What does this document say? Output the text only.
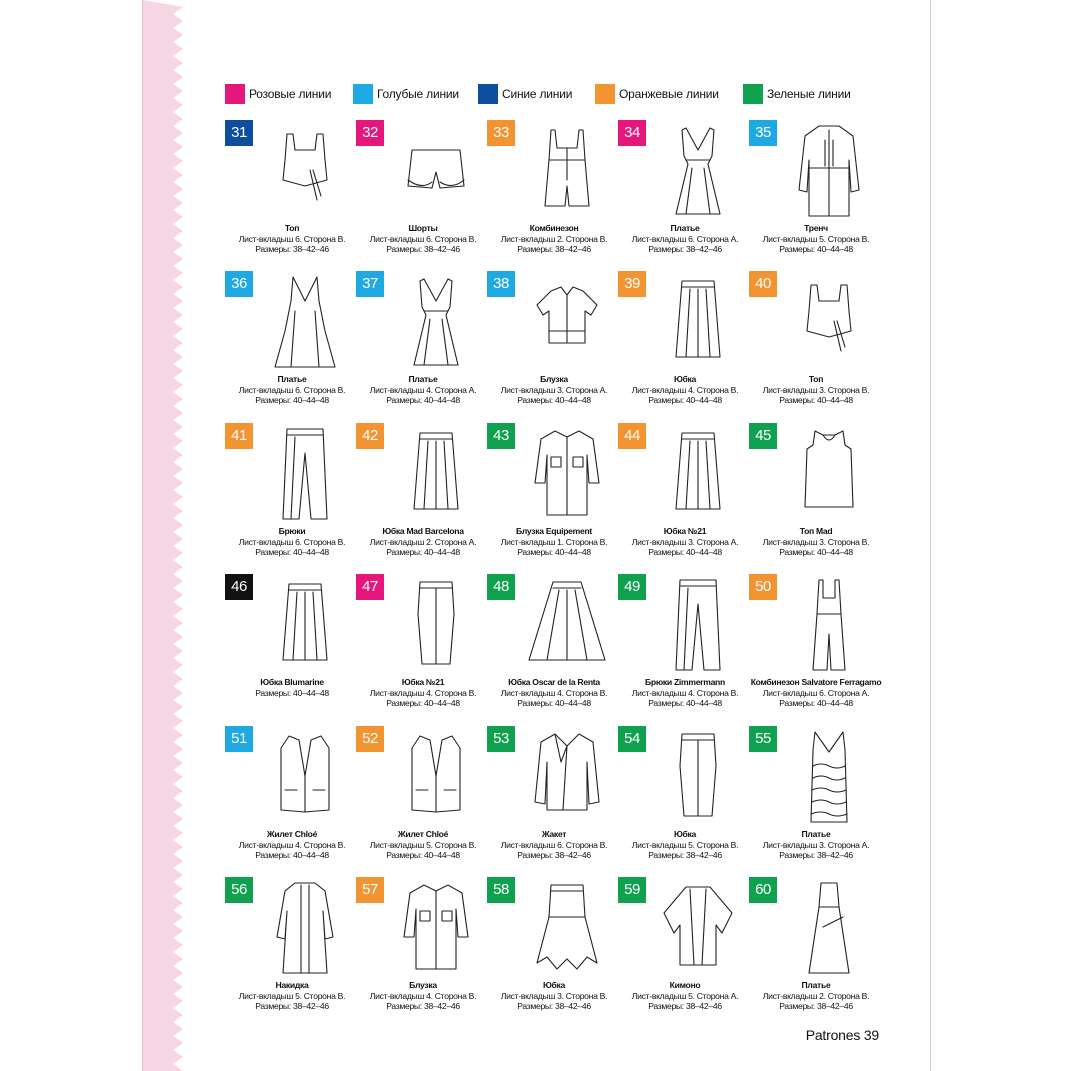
Розовые линии	Голубые линии	Синие линии	Оранжевые линии	Зеленые линии
31
Топ
Лист-вкладыш 6. Сторона В.
Размеры: 38–42–46
32
Шорты
Лист-вкладыш 6. Сторона В.
Размеры: 38–42–46
33
Комбинезон
Лист-вкладыш 2. Сторона В.
Размеры: 38–42–46
34
Платье
Лист-вкладыш 6. Сторона А.
Размеры: 38–42–46
35
Тренч
Лист-вкладыш 5. Сторона В.
Размеры: 40–44–48
36
Платье
Лист-вкладыш 6. Сторона В.
Размеры: 40–44–48
37
Платье
Лист-вкладыш 4. Сторона А.
Размеры: 40–44–48
38
Блузка
Лист-вкладыш 3. Сторона А.
Размеры: 40–44–48
39
Юбка
Лист-вкладыш 4. Сторона В.
Размеры: 40–44–48
40
Топ
Лист-вкладыш 3. Сторона В.
Размеры: 40–44–48
41
Брюки
Лист-вкладыш 6. Сторона В.
Размеры: 40–44–48
42
Юбка Mad Barcelona
Лист-вкладыш 2. Сторона А.
Размеры: 40–44–48
43
Блузка Equipement
Лист-вкладыш 1. Сторона В.
Размеры: 40–44–48
44
Юбка №21
Лист-вкладыш 3. Сторона А.
Размеры: 40–44–48
45
Топ Mad
Лист-вкладыш 3. Сторона В.
Размеры: 40–44–48
46
Юбка Blumarine
Размеры: 40–44–48
47
Юбка №21
Лист-вкладыш 4. Сторона В.
Размеры: 40–44–48
48
Юбка Oscar de la Renta
Лист-вкладыш 4. Сторона В.
Размеры: 40–44–48
49
Брюки Zimmermann
Лист-вкладыш 4. Сторона В.
Размеры: 40–44–48
50
Комбинезон Salvatore Ferragamo
Лист-вкладыш 6. Сторона А.
Размеры: 40–44–48
51
Жилет Chloé
Лист-вкладыш 4. Сторона В.
Размеры: 40–44–48
52
Жилет Chloé
Лист-вкладыш 5. Сторона В.
Размеры: 40–44–48
53
Жакет
Лист-вкладыш 6. Сторона В.
Размеры: 38–42–46
54
Юбка
Лист-вкладыш 5. Сторона В.
Размеры: 38–42–46
55
Платье
Лист-вкладыш 3. Сторона А.
Размеры: 38–42–46
56
Накидка
Лист-вкладыш 5. Сторона В.
Размеры: 38–42–46
57
Блузка
Лист-вкладыш 4. Сторона В.
Размеры: 38–42–46
58
Юбка
Лист-вкладыш 3. Сторона В.
Размеры: 38–42–46
59
Кимоно
Лист-вкладыш 5. Сторона А.
Размеры: 38–42–46
60
Платье
Лист-вкладыш 2. Сторона В.
Размеры: 38–42–46
Patrones 39
